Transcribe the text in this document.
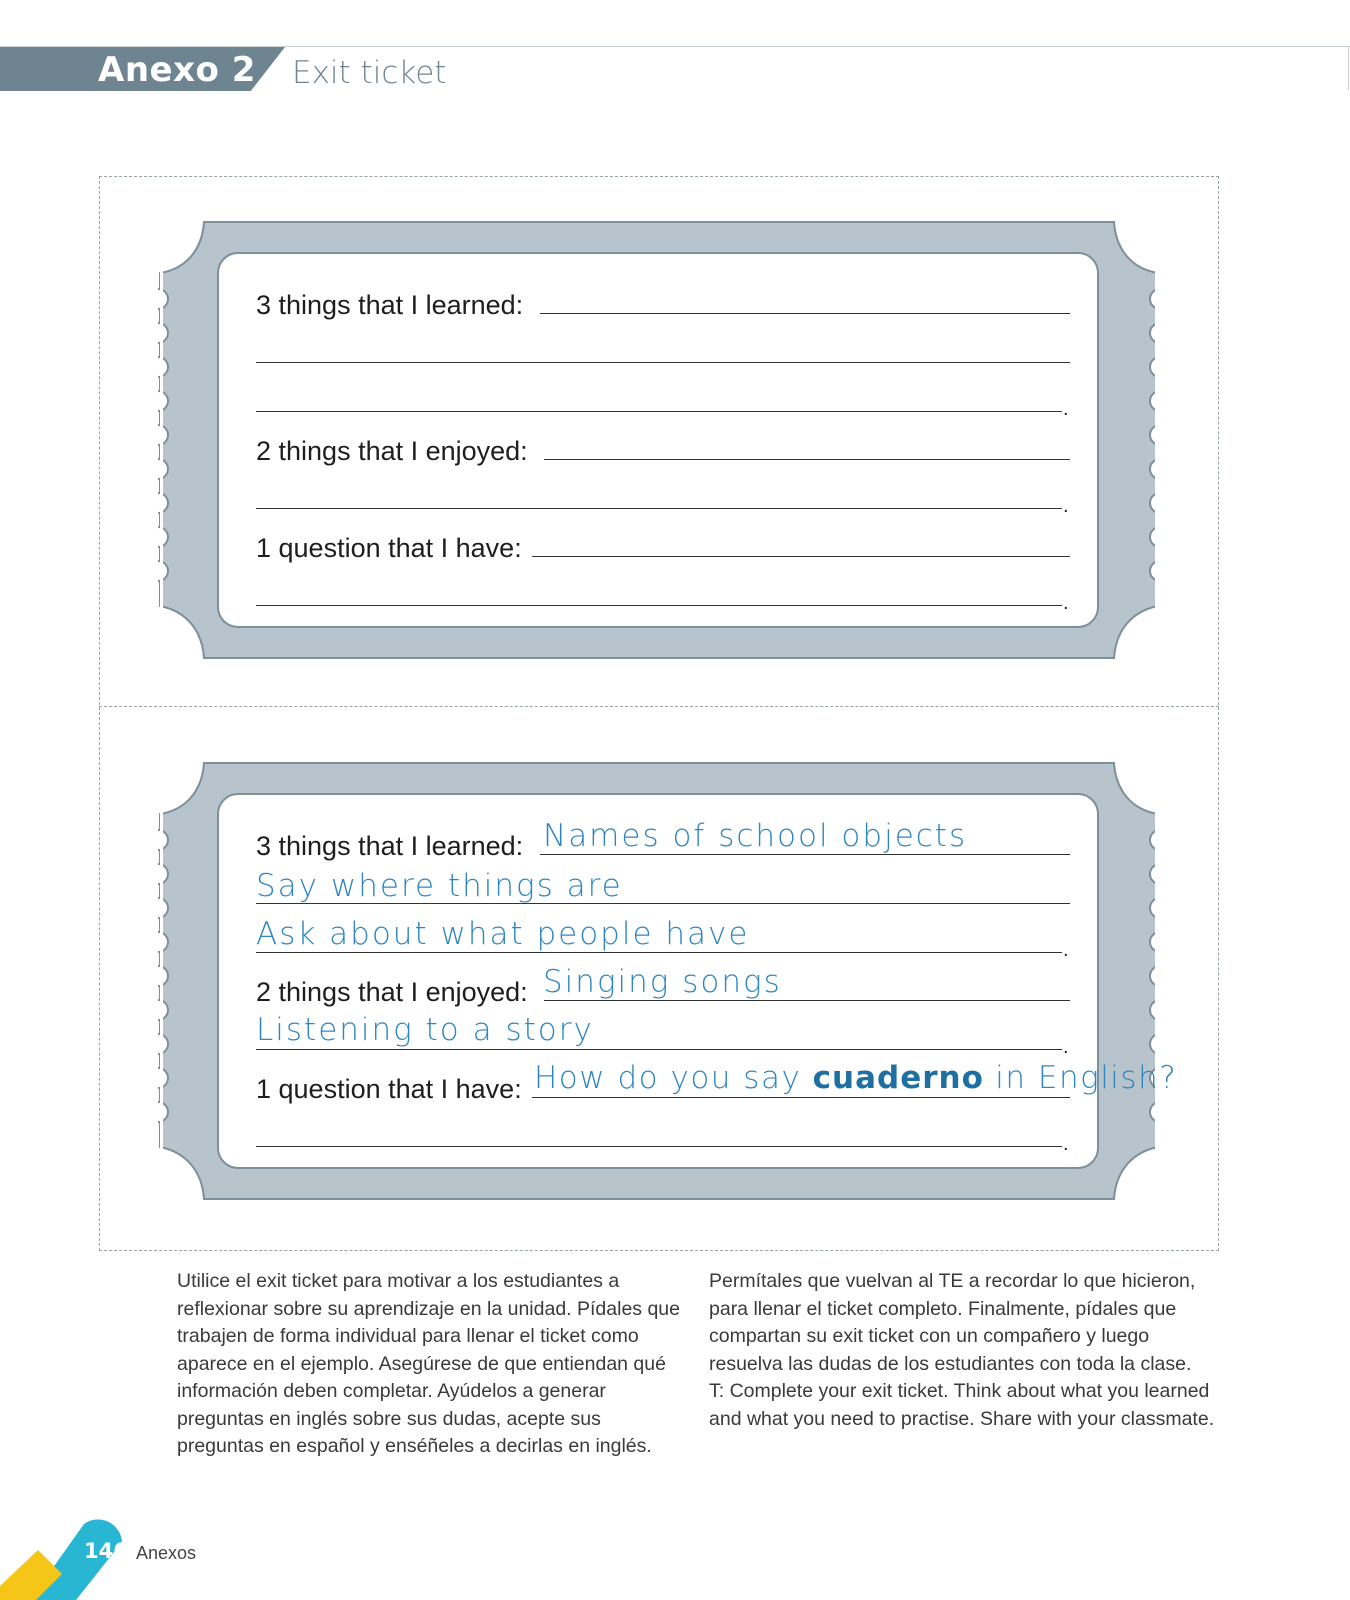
Anexo 2 Exit ticket
3 things that I learned:
.
2 things that I enjoyed:
.
1 question that I have:
.
3 things that I learned: Names of school objects
Say where things are
Ask about what people have	.
2 things that I enjoyed: Singing songs
Listening to a story	.
1 question that I have: How do you say cuaderno in English?
.

Utilice el exit ticket para motivar a los estudiantes a reflexionar sobre su aprendizaje en la unidad. Pídales que trabajen de forma individual para llenar el ticket como aparece en el ejemplo. Asegúrese de que entiendan qué información deben completar. Ayúdelos a generar preguntas en inglés sobre sus dudas, acepte sus preguntas en español y enséñeles a decirlas en inglés.

Permítales que vuelvan al TE a recordar lo que hicieron, para llenar el ticket completo. Finalmente, pídales que compartan su exit ticket con un compañero y luego resuelva las dudas de los estudiantes con toda la clase.

T: Complete your exit ticket. Think about what you learned and what you need to practise. Share with your classmate.

146 Anexos
